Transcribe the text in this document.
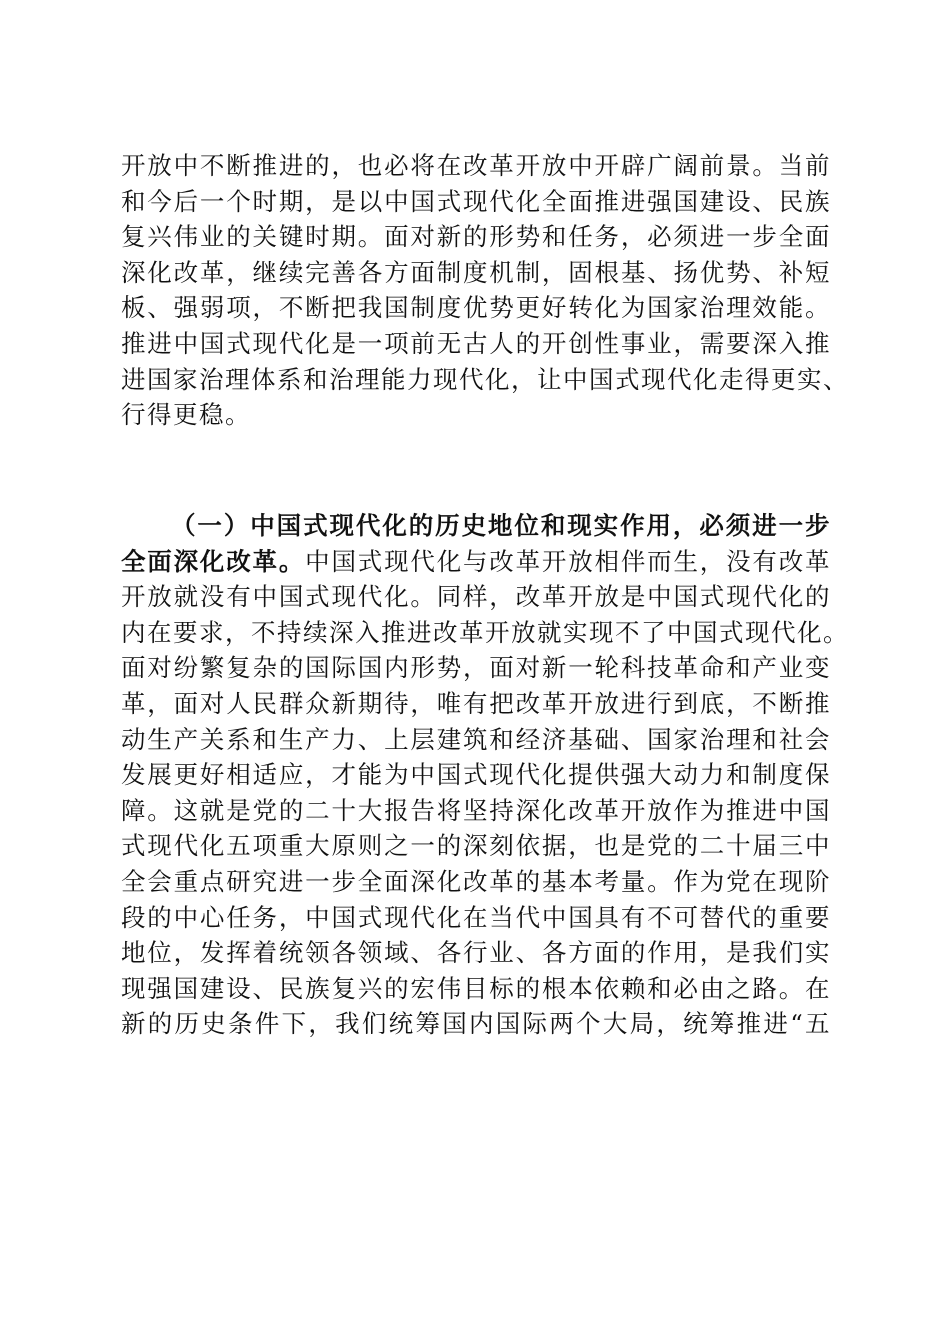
开放中不断推进的，也必将在改革开放中开辟广阔前景。当前
和今后一个时期，是以中国式现代化全面推进强国建设、民族
复兴伟业的关键时期。面对新的形势和任务，必须进一步全面
深化改革，继续完善各方面制度机制，固根基、扬优势、补短
板、强弱项，不断把我国制度优势更好转化为国家治理效能。
推进中国式现代化是一项前无古人的开创性事业，需要深入推
进国家治理体系和治理能力现代化，让中国式现代化走得更实、
行得更稳。
（一）中国式现代化的历史地位和现实作用，必须进一步
全面深化改革。中国式现代化与改革开放相伴而生，没有改革
开放就没有中国式现代化。同样，改革开放是中国式现代化的
内在要求，不持续深入推进改革开放就实现不了中国式现代化。
面对纷繁复杂的国际国内形势，面对新一轮科技革命和产业变
革，面对人民群众新期待，唯有把改革开放进行到底，不断推
动生产关系和生产力、上层建筑和经济基础、国家治理和社会
发展更好相适应，才能为中国式现代化提供强大动力和制度保
障。这就是党的二十大报告将坚持深化改革开放作为推进中国
式现代化五项重大原则之一的深刻依据，也是党的二十届三中
全会重点研究进一步全面深化改革的基本考量。作为党在现阶
段的中心任务，中国式现代化在当代中国具有不可替代的重要
地位，发挥着统领各领域、各行业、各方面的作用，是我们实
现强国建设、民族复兴的宏伟目标的根本依赖和必由之路。在
新的历史条件下，我们统筹国内国际两个大局，统筹推进“五
